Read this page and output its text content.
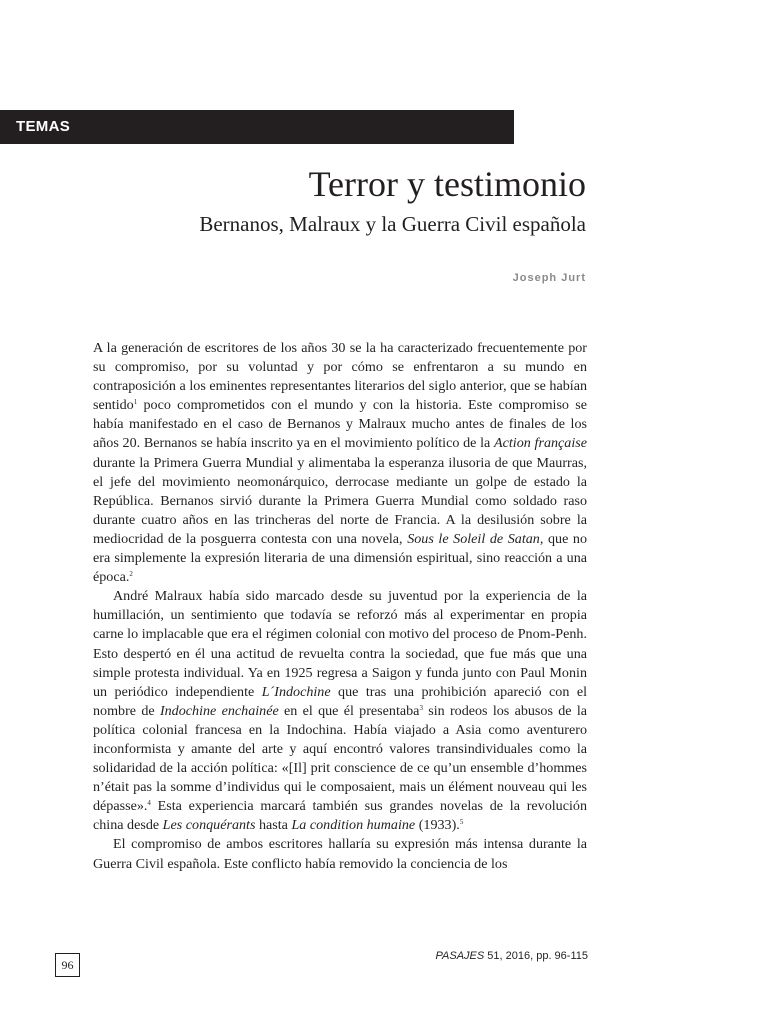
TEMAS
Terror y testimonio
Bernanos, Malraux y la Guerra Civil española
Joseph Jurt

A la generación de escritores de los años 30 se la ha caracterizado frecuentemente por su compromiso, por su voluntad y por cómo se enfrentaron a su mundo en contraposición a los eminentes representantes literarios del siglo anterior, que se habían sentido$^1$ poco comprometidos con el mundo y con la historia. Este compromiso se había manifestado en el caso de Bernanos y Malraux mucho antes de finales de los años 20. Bernanos se había inscrito ya en el movimiento político de la Action française durante la Primera Guerra Mundial y alimentaba la esperanza ilusoria de que Maurras, el jefe del movimiento neomonárquico, derrocase mediante un golpe de estado la República. Bernanos sirvió durante la Primera Guerra Mundial como soldado raso durante cuatro años en las trincheras del norte de Francia. A la desilusión sobre la mediocridad de la posguerra contesta con una novela, Sous le Soleil de Satan, que no era simplemente la expresión literaria de una dimensión espiritual, sino reacción a una época.$^2$

André Malraux había sido marcado desde su juventud por la experiencia de la humillación, un sentimiento que todavía se reforzó más al experimentar en propia carne lo implacable que era el régimen colonial con motivo del proceso de Pnom-Penh. Esto despertó en él una actitud de revuelta contra la sociedad, que fue más que una simple protesta individual. Ya en 1925 regresa a Saigon y funda junto con Paul Monin un periódico independiente L´Indochine que tras una prohibición apareció con el nombre de Indochine enchainée en el que él presentaba$^3$ sin rodeos los abusos de la política colonial francesa en la Indochina. Había viajado a Asia como aventurero inconformista y amante del arte y aquí encontró valores transindividuales como la solidaridad de la acción política: «[Il] prit conscience de ce qu’un ensemble d’hommes n’était pas la somme d’individus qui le composaient, mais un élément nouveau qui les dépasse».$^4$ Esta experiencia marcará también sus grandes novelas de la revolución china desde Les conquérants hasta La condition humaine (1933).$^5$

El compromiso de ambos escritores hallaría su expresión más intensa durante la Guerra Civil española. Este conflicto había removido la conciencia de los

96
PASAJES 51, 2016, pp. 96-115
